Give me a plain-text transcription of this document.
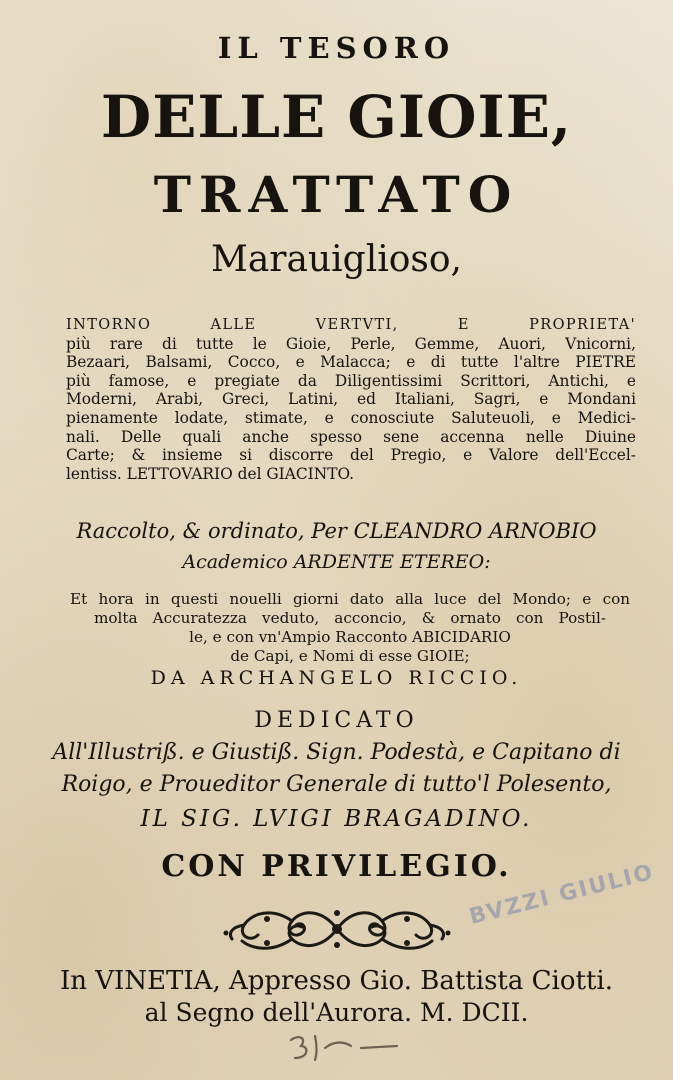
IL TESORO
DELLE GIOIE,
TRATTATO
Marauiglioso,
INTORNO ALLE VERTVTI, E PROPRIETA'
più rare di tutte le Gioie, Perle, Gemme, Auori, Vnicorni,
Bezaari, Balsami, Cocco, e Malacca; e di tutte l'altre PIETRE
più famose, e pregiate da Diligentissimi Scrittori, Antichi, e
Moderni, Arabi, Greci, Latini, ed Italiani, Sagri, e Mondani
pienamente lodate, stimate, e conosciute Saluteuoli, e Medici-
nali. Delle quali anche spesso sene accenna nelle Diuine
Carte; & insieme si discorre del Pregio, e Valore dell'Eccel-
lentiss. LETTOVARIO del GIACINTO.
Raccolto, & ordinato, Per CLEANDRO ARNOBIO
Academico ARDENTE ETEREO:
Et hora in questi nouelli giorni dato alla luce del Mondo; e con
molta Accuratezza veduto, acconcio, & ornato con Postil-
le, e con vn'Ampio Racconto ABICIDARIO
de Capi, e Nomi di esse GIOIE;
DA ARCHANGELO RICCIO.
DEDICATO
All'Illustriß. e Giustiß. Sign. Podestà, e Capitano di
Roigo, e Proueditor Generale di tutto'l Polesento,
IL SIG. LVIGI BRAGADINO.
CON PRIVILEGIO.
BVZZI GIULIO
In VINETIA, Appresso Gio. Battista Ciotti.
al Segno dell'Aurora. M. DCII.
